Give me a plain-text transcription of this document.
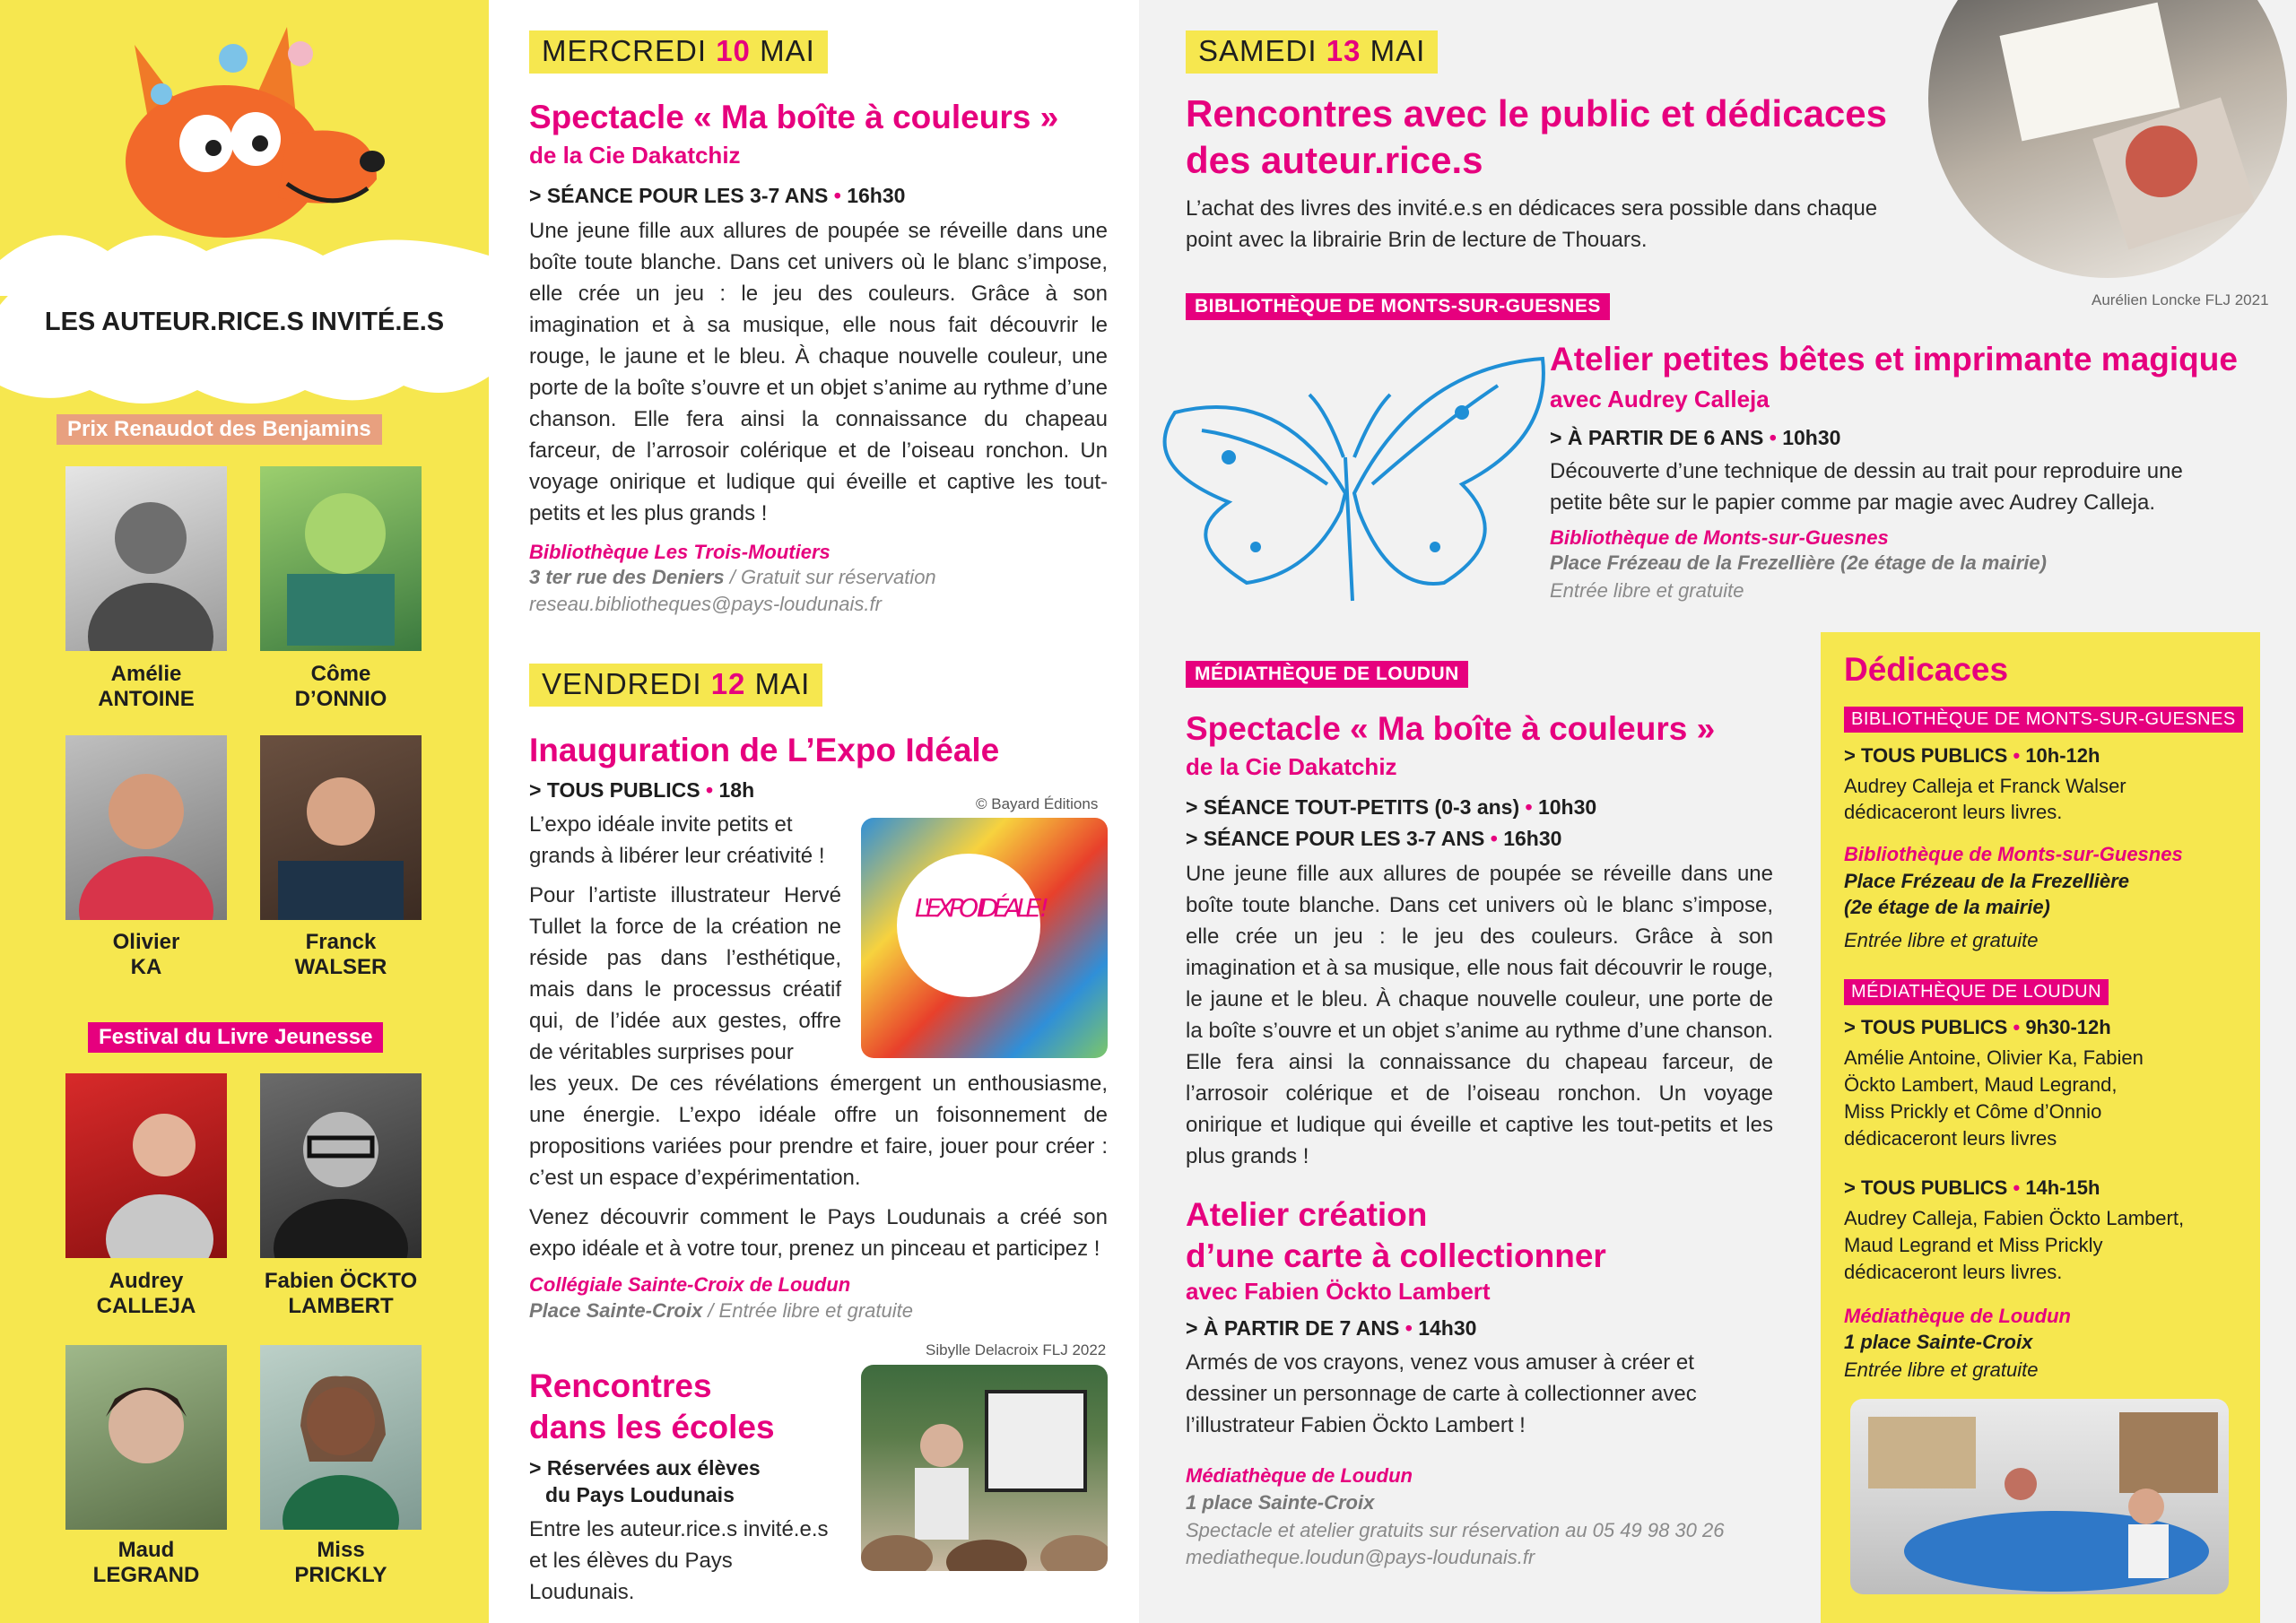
LES AUTEUR.RICE.S INVITÉ.E.S
Prix Renaudot des Benjamins
Amélie
ANTOINE
Côme
D’ONNIO
Olivier
KA
Franck
WALSER
Festival du Livre Jeunesse
Audrey
CALLEJA
Fabien ÖCKTO
LAMBERT
Maud
LEGRAND
Miss
PRICKLY
MERCREDI 10 MAI
Spectacle « Ma boîte à couleurs »
de la Cie Dakatchiz
> SÉANCE POUR LES 3-7 ANS • 16h30
Une jeune fille aux allures de poupée se réveille dans une boîte toute blanche. Dans cet univers où le blanc s’impose, elle crée un jeu : le jeu des couleurs. Grâce à son imagination et à sa musique, elle nous fait découvrir le rouge, le jaune et le bleu. À chaque nouvelle couleur, une porte de la boîte s’ouvre et un objet s’anime au rythme d’une chanson. Elle fera ainsi la connaissance du chapeau farceur, de l’arrosoir colérique et de l’oiseau ronchon. Un voyage onirique et ludique qui éveille et captive les tout-petits et les plus grands !
Bibliothèque Les Trois-Moutiers
3 ter rue des Deniers / Gratuit sur réservation
reseau.bibliotheques@pays-loudunais.fr
VENDREDI 12 MAI
Inauguration de L’Expo Idéale
> TOUS PUBLICS • 18h
© Bayard Éditions
L'EXPO IDÉALE !
L’expo idéale invite petits et grands à libérer leur créativité !
Pour l’artiste illustrateur Hervé Tullet la force de la création ne réside pas dans l’esthétique, mais dans le processus créatif qui, de l’idée aux gestes, offre de véritables surprises pour
les yeux. De ces révélations émergent un enthousiasme, une énergie. L’expo idéale offre un foisonnement de propositions variées pour prendre et faire, jouer pour créer : c’est un espace d’expérimentation.
Venez découvrir comment le Pays Loudunais a créé son expo idéale et à votre tour, prenez un pinceau et participez !
Collégiale Sainte-Croix de Loudun
Place Sainte-Croix / Entrée libre et gratuite
Rencontres
dans les écoles
> Réservées aux élèves
du Pays Loudunais
Entre les auteur.rice.s invité.e.s et les élèves du Pays Loudunais.
Sibylle Delacroix FLJ 2022
SAMEDI 13 MAI
Rencontres avec le public et dédicaces
des auteur.rice.s
L’achat des livres des invité.e.s en dédicaces sera possible dans chaque point avec la librairie Brin de lecture de Thouars.
Aurélien Loncke FLJ 2021
BIBLIOTHÈQUE DE MONTS-SUR-GUESNES
Atelier petites bêtes et imprimante magique
avec Audrey Calleja
> À PARTIR DE 6 ANS • 10h30
Découverte d’une technique de dessin au trait pour reproduire une petite bête sur le papier comme par magie avec Audrey Calleja.
Bibliothèque de Monts-sur-Guesnes
Place Frézeau de la Frezellière (2e étage de la mairie)
Entrée libre et gratuite
MÉDIATHÈQUE DE LOUDUN
Spectacle « Ma boîte à couleurs »
de la Cie Dakatchiz
> SÉANCE TOUT-PETITS (0-3 ans) • 10h30
> SÉANCE POUR LES 3-7 ANS • 16h30
Une jeune fille aux allures de poupée se réveille dans une boîte toute blanche. Dans cet univers où le blanc s’impose, elle crée un jeu : le jeu des couleurs. Grâce à son imagination et à sa musique, elle nous fait découvrir le rouge, le jaune et le bleu. À chaque nouvelle couleur, une porte de la boîte s’ouvre et un objet s’anime au rythme d’une chanson. Elle fera ainsi la connaissance du chapeau farceur, de l’arrosoir colérique et de l’oiseau ronchon. Un voyage onirique et ludique qui éveille et captive les tout-petits et les plus grands !
Atelier création
d’une carte à collectionner
avec Fabien Öckto Lambert
> À PARTIR DE 7 ANS • 14h30
Armés de vos crayons, venez vous amuser à créer et dessiner un personnage de carte à collectionner avec l’illustrateur Fabien Öckto Lambert !
Médiathèque de Loudun
1 place Sainte-Croix
Spectacle et atelier gratuits sur réservation au 05 49 98 30 26
mediatheque.loudun@pays-loudunais.fr
Dédicaces
BIBLIOTHÈQUE DE MONTS-SUR-GUESNES
> TOUS PUBLICS • 10h-12h
Audrey Calleja et Franck Walser
dédicaceront leurs livres.
Bibliothèque de Monts-sur-Guesnes
Place Frézeau de la Frezellière
(2e étage de la mairie)
Entrée libre et gratuite
MÉDIATHÈQUE DE LOUDUN
> TOUS PUBLICS • 9h30-12h
Amélie Antoine, Olivier Ka, Fabien
Öckto Lambert, Maud Legrand,
Miss Prickly et Côme d’Onnio
dédicaceront leurs livres
> TOUS PUBLICS • 14h-15h
Audrey Calleja, Fabien Öckto Lambert,
Maud Legrand et Miss Prickly
dédicaceront leurs livres.
Médiathèque de Loudun
1 place Sainte-Croix
Entrée libre et gratuite
